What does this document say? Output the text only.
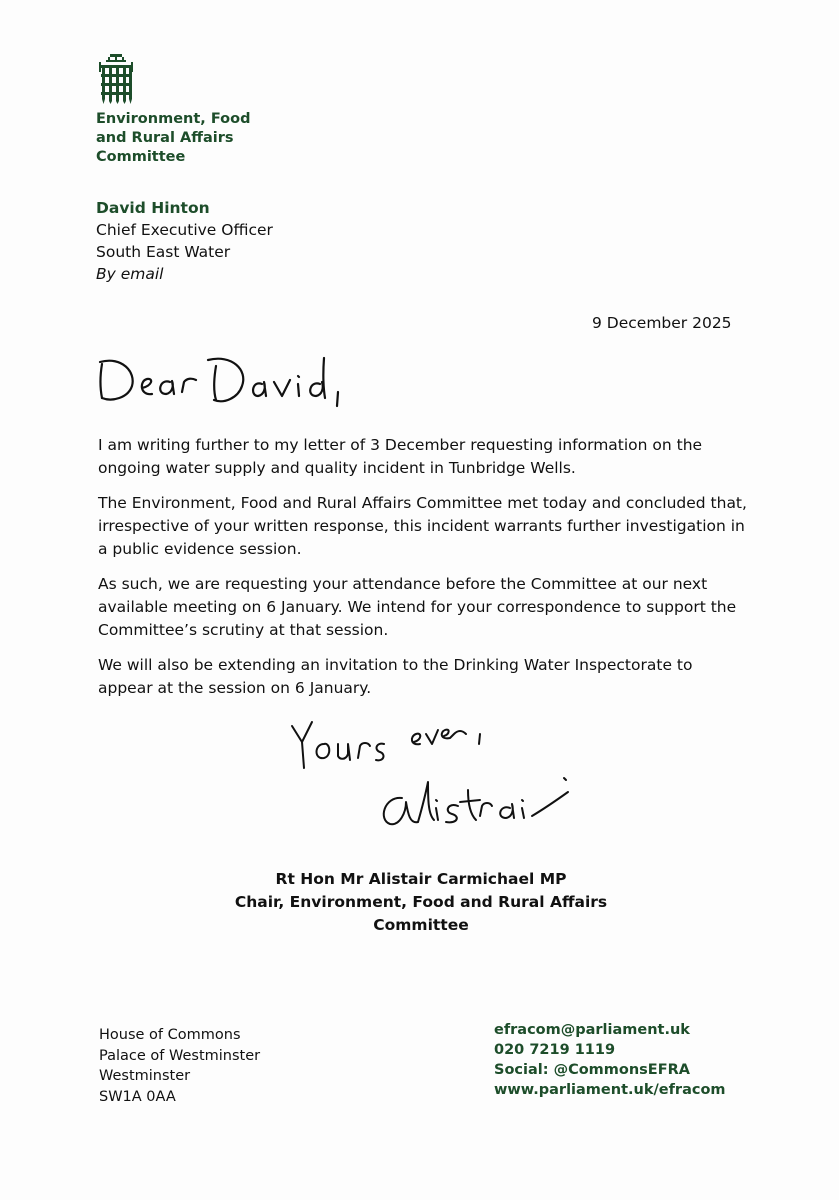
Environment, Food
and Rural Affairs
Committee
David Hinton
Chief Executive Officer
South East Water
By email
9 December 2025

I am writing further to my letter of 3 December requesting information on the ongoing water supply and quality incident in Tunbridge Wells.

The Environment, Food and Rural Affairs Committee met today and concluded that, irrespective of your written response, this incident warrants further investigation in a public evidence session.

As such, we are requesting your attendance before the Committee at our next available meeting on 6 January. We intend for your correspondence to support the Committee’s scrutiny at that session.

We will also be extending an invitation to the Drinking Water Inspectorate to appear at the session on 6 January.

Rt Hon Mr Alistair Carmichael MP
Chair, Environment, Food and Rural Affairs Committee
House of Commons
Palace of Westminster
Westminster
SW1A 0AA
efracom@parliament.uk
020 7219 1119
Social: @CommonsEFRA
www.parliament.uk/efracom
